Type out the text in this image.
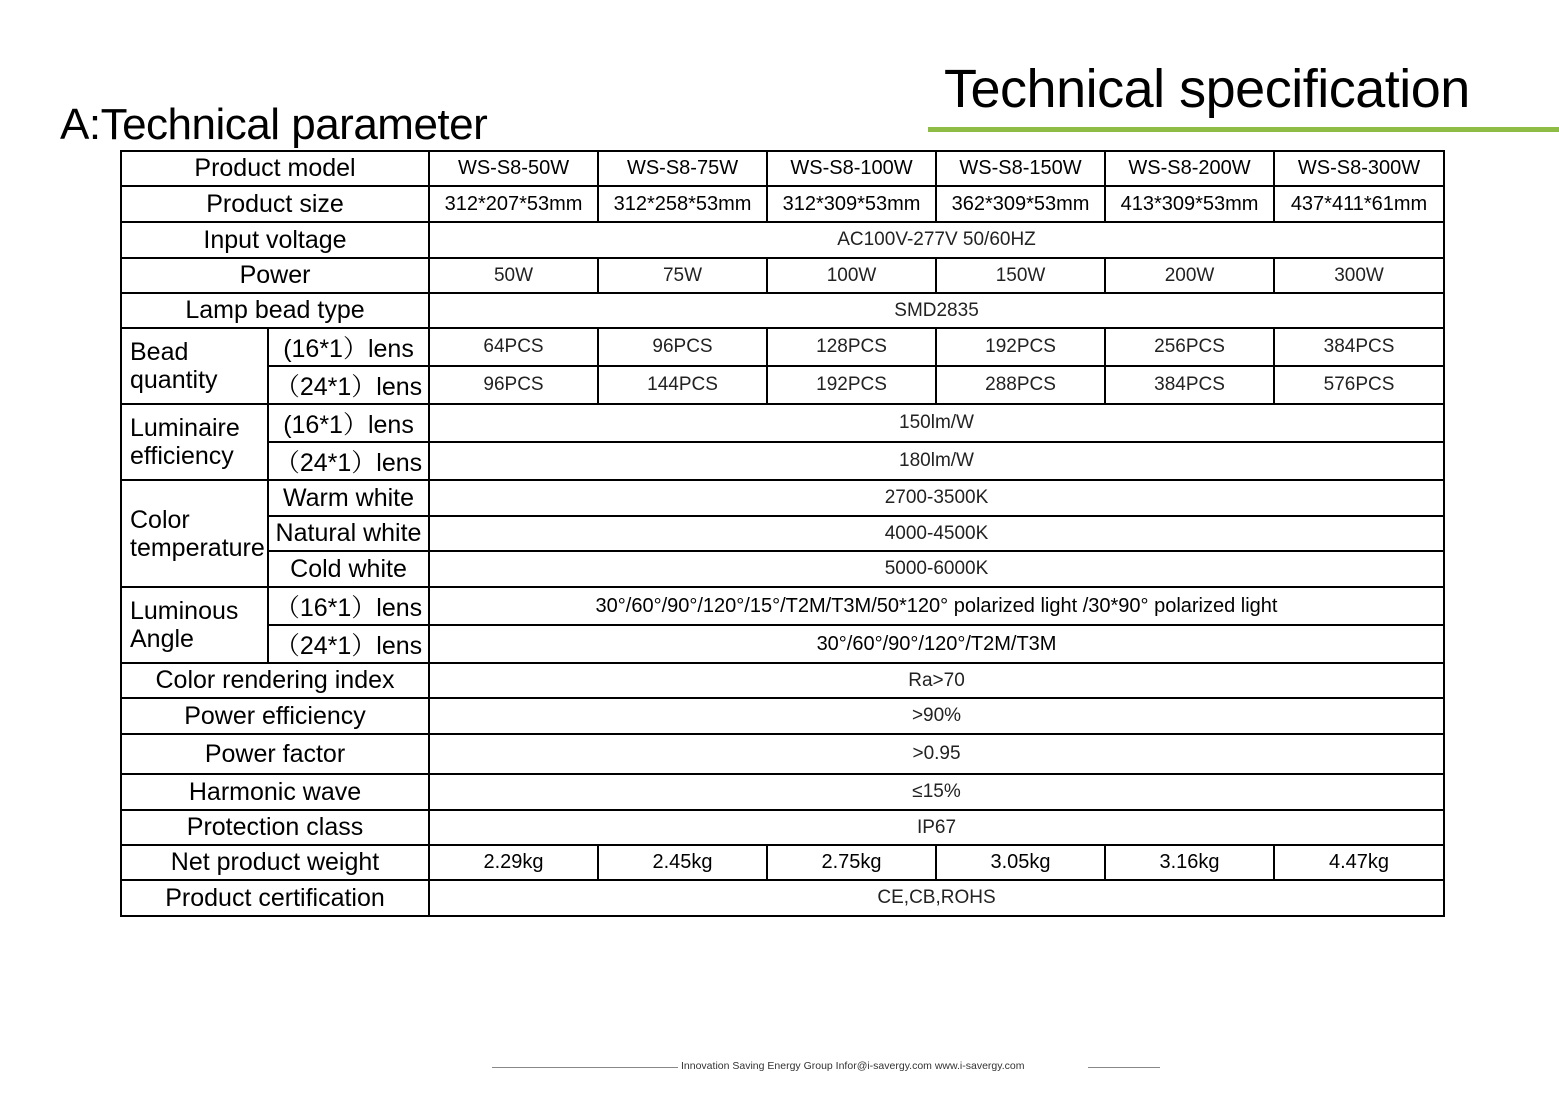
Technical specification
A:Technical parameter
Product model		WS-S8-50W	WS-S8-75W	WS-S8-100W	WS-S8-150W	WS-S8-200W	WS-S8-300W
Product size		312*207*53mm	312*258*53mm	312*309*53mm	362*309*53mm	413*309*53mm	437*411*61mm
Input voltage		AC100V-277V 50/60HZ					
Power		50W	75W	100W	150W	200W	300W
Lamp bead type		SMD2835					
Bead quantity	(16*1）lens	64PCS	96PCS	128PCS	192PCS	256PCS	384PCS
	（24*1）lens	96PCS	144PCS	192PCS	288PCS	384PCS	576PCS
Luminaire efficiency	(16*1）lens	150lm/W					
	（24*1）lens	180lm/W					
Color temperature	Warm white	2700-3500K					
	Natural white	4000-4500K					
	Cold white	5000-6000K					
Luminous Angle	（16*1）lens	30°/60°/90°/120°/15°/T2M/T3M/50*120° polarized light /30*90° polarized light					
	（24*1）lens	30°/60°/90°/120°/T2M/T3M					
Color rendering index		Ra>70					
Power efficiency		>90%					
Power factor		>0.95					
Harmonic wave		≤15%					
Protection class		IP67					
Net product weight		2.29kg	2.45kg	2.75kg	3.05kg	3.16kg	4.47kg
Product certification		CE,CB,ROHS					
Innovation Saving Energy Group Infor@i-savergy.com www.i-savergy.com
